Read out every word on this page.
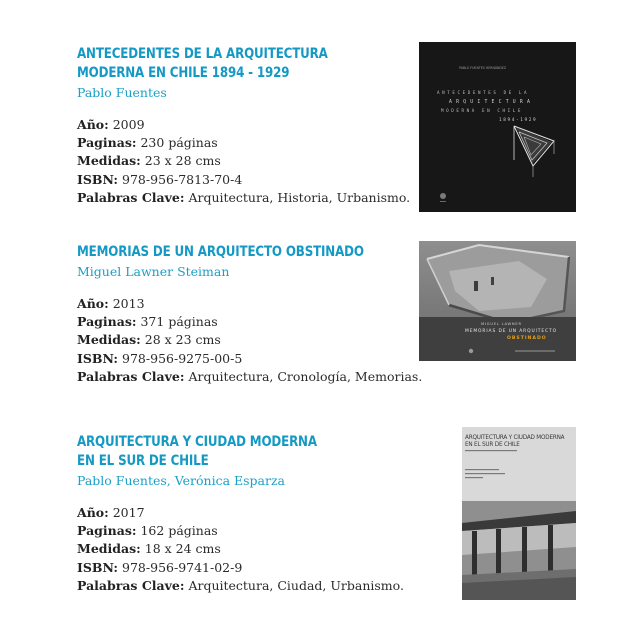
ANTECEDENTES DE LA ARQUITECTURA
MODERNA EN CHILE 1894 - 1929
Pablo Fuentes
Año: 2009
Paginas: 230 páginas
Medidas: 23 x 28 cms
ISBN: 978-956-7813-70-4
Palabras Clave: Arquitectura, Historia, Urbanismo.
PABLO FUENTES HERNÁNDEZ
ANTECEDENTES DE LA
ARQUITECTURA
MODERNA EN CHILE
1894-1929
MEMORIAS DE UN ARQUITECTO OBSTINADO
Miguel Lawner Steiman
Año: 2013
Paginas: 371 páginas
Medidas: 28 x 23 cms
ISBN: 978-956-9275-00-5
Palabras Clave: Arquitectura, Cronología, Memorias.
MIGUEL LAWNER
MEMORIAS DE UN ARQUITECTO
OBSTINADO
ARQUITECTURA Y CIUDAD MODERNA
EN EL SUR DE CHILE
Pablo Fuentes, Verónica Esparza
Año: 2017
Paginas: 162 páginas
Medidas: 18 x 24 cms
ISBN: 978-956-9741-02-9
Palabras Clave: Arquitectura, Ciudad, Urbanismo.
ARQUITECTURA Y CIUDAD MODERNA
EN EL SUR DE CHILE
